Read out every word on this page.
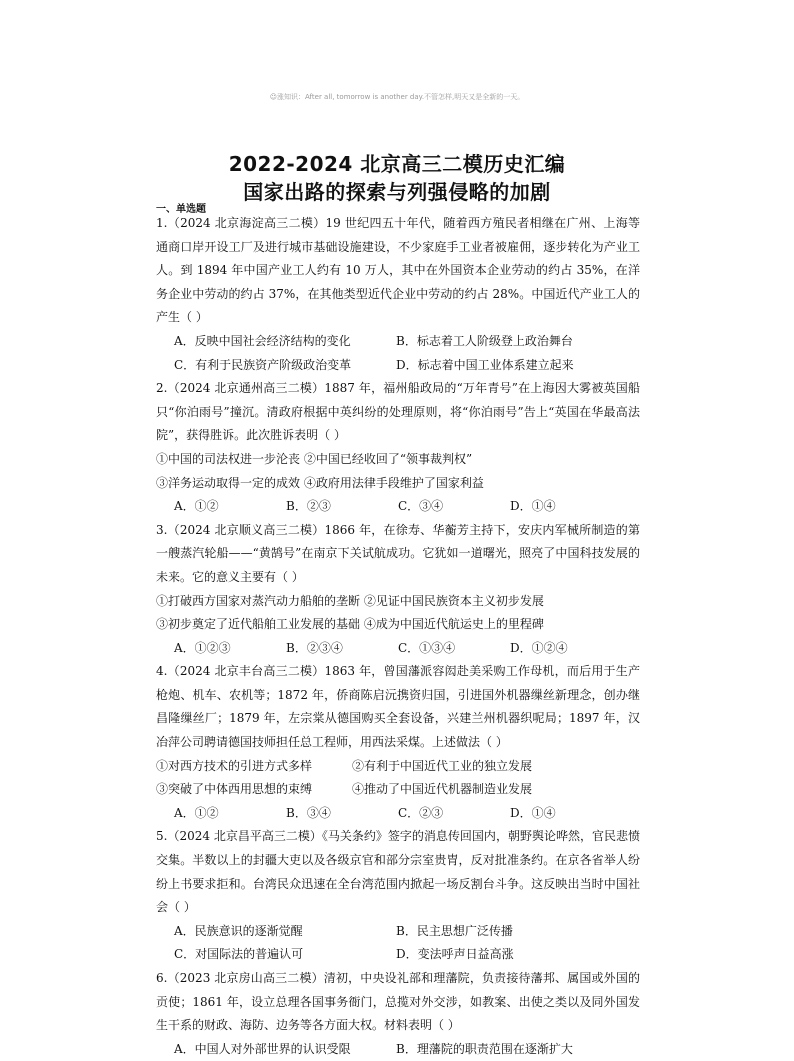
☺涨知识：After all, tomorrow is another day.不管怎样,明天又是全新的一天。
2022-2024 北京高三二模历史汇编
国家出路的探索与列强侵略的加剧
一、单选题

1.（2024 北京海淀高三二模）19 世纪四五十年代，随着西方殖民者相继在广州、上海等通商口岸开设工厂及进行城市基础设施建设，不少家庭手工业者被雇佣，逐步转化为产业工人。到 1894 年中国产业工人约有 10 万人，其中在外国资本企业劳动的约占 35%，在洋务企业中劳动的约占 37%，在其他类型近代企业中劳动的约占 28%。中国近代产业工人的产生（ ）

A．反映中国社会经济结构的变化	B．标志着工人阶级登上政治舞台
C．有利于民族资产阶级政治变革	D．标志着中国工业体系建立起来

2.（2024 北京通州高三二模）1887 年，福州船政局的“万年青号”在上海因大雾被英国船只“你泊雨号”撞沉。清政府根据中英纠纷的处理原则，将“你泊雨号”告上“英国在华最高法院”，获得胜诉。此次胜诉表明（ ）

①中国的司法权进一步沦丧 ②中国已经收回了“领事裁判权”

③洋务运动取得一定的成效 ④政府用法律手段维护了国家利益

A．①②	B．②③	C．③④	D．①④

3.（2024 北京顺义高三二模）1866 年，在徐寿、华蘅芳主持下，安庆内军械所制造的第一艘蒸汽轮船——“黄鹄号”在南京下关试航成功。它犹如一道曙光，照亮了中国科技发展的未来。它的意义主要有（ ）

①打破西方国家对蒸汽动力船舶的垄断 ②见证中国民族资本主义初步发展

③初步奠定了近代船舶工业发展的基础 ④成为中国近代航运史上的里程碑

A．①②③	B．②③④	C．①③④	D．①②④

4.（2024 北京丰台高三二模）1863 年，曾国藩派容闳赴美采购工作母机，而后用于生产枪炮、机车、农机等；1872 年，侨商陈启沅携资归国，引进国外机器缫丝新理念，创办继昌隆缫丝厂；1879 年，左宗棠从德国购买全套设备，兴建兰州机器织呢局；1897 年，汉冶萍公司聘请德国技师担任总工程师，用西法采煤。上述做法（ ）

①对西方技术的引进方式多样	②有利于中国近代工业的独立发展
③突破了中体西用思想的束缚	④推动了中国近代机器制造业发展
A．①②	B．③④	C．②③	D．①④

5.（2024 北京昌平高三二模）《马关条约》签字的消息传回国内，朝野舆论哗然，官民悲愤交集。半数以上的封疆大吏以及各级京官和部分宗室贵胄，反对批准条约。在京各省举人纷纷上书要求拒和。台湾民众迅速在全台湾范围内掀起一场反割台斗争。这反映出当时中国社会（ ）

A．民族意识的逐渐觉醒	B．民主思想广泛传播
C．对国际法的普遍认可	D．变法呼声日益高涨

6.（2023 北京房山高三二模）清初，中央设礼部和理藩院，负责接待藩邦、属国或外国的贡使；1861 年，设立总理各国事务衙门，总揽对外交涉，如教案、出使之类以及同外国发生干系的财政、海防、边务等各方面大权。材料表明（ ）

A．中国人对外部世界的认识受限	B．理藩院的职责范围在逐渐扩大
